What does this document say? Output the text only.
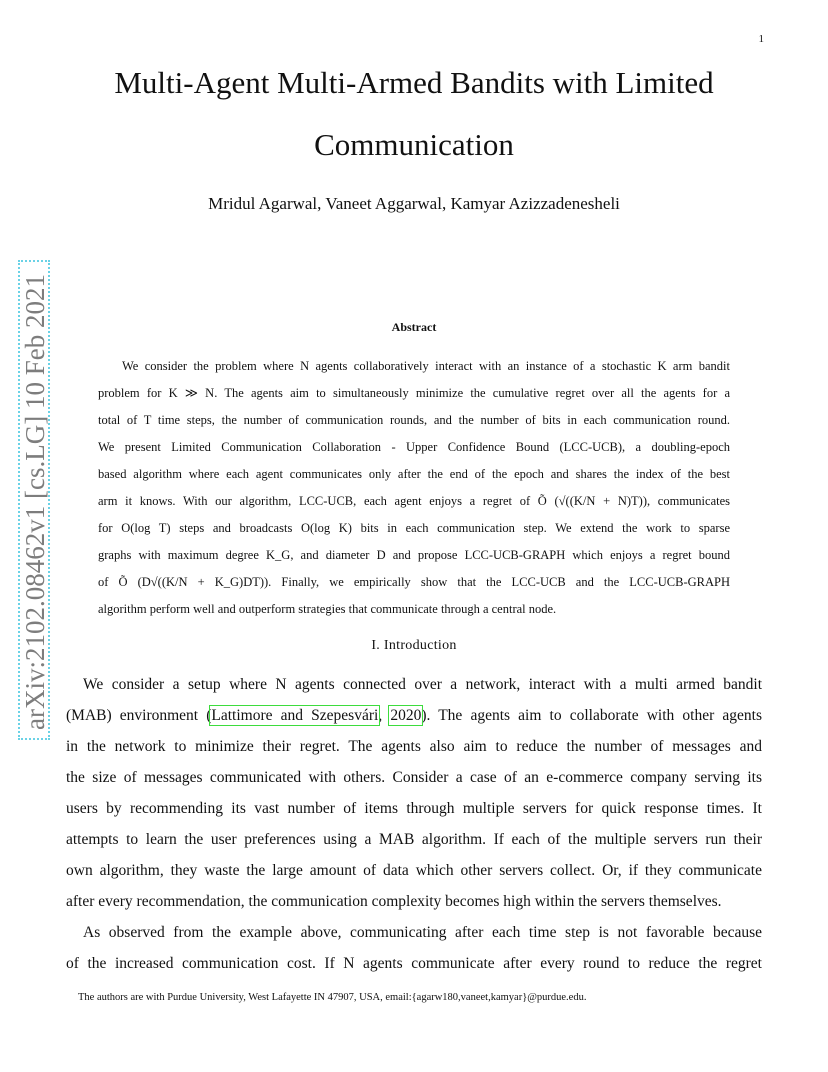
1
Multi-Agent Multi-Armed Bandits with Limited
Communication
Mridul Agarwal, Vaneet Aggarwal, Kamyar Azizzadenesheli
arXiv:2102.08462v1 [cs.LG] 10 Feb 2021	Abstract
We consider the problem where N agents collaboratively interact with an instance of a stochastic K arm bandit
problem for K ≫ N. The agents aim to simultaneously minimize the cumulative regret over all the agents for a
total of T time steps, the number of communication rounds, and the number of bits in each communication round.
We present Limited Communication Collaboration - Upper Confidence Bound (LCC-UCB), a doubling-epoch
based algorithm where each agent communicates only after the end of the epoch and shares the index of the best
arm it knows. With our algorithm, LCC-UCB, each agent enjoys a regret of Õ (√((K/N + N)T)), communicates
for O(log T) steps and broadcasts O(log K) bits in each communication step. We extend the work to sparse
graphs with maximum degree K_G, and diameter D and propose LCC-UCB-GRAPH which enjoys a regret bound
of Õ (D√((K/N + K_G)DT)). Finally, we empirically show that the LCC-UCB and the LCC-UCB-GRAPH
algorithm perform well and outperform strategies that communicate through a central node.
I. Introduction
We consider a setup where N agents connected over a network, interact with a multi armed bandit
(MAB) environment (Lattimore and Szepesvári, 2020). The agents aim to collaborate with other agents
in the network to minimize their regret. The agents also aim to reduce the number of messages and
the size of messages communicated with others. Consider a case of an e-commerce company serving its
users by recommending its vast number of items through multiple servers for quick response times. It
attempts to learn the user preferences using a MAB algorithm. If each of the multiple servers run their
own algorithm, they waste the large amount of data which other servers collect. Or, if they communicate
after every recommendation, the communication complexity becomes high within the servers themselves.
As observed from the example above, communicating after each time step is not favorable because
of the increased communication cost. If N agents communicate after every round to reduce the regret
The authors are with Purdue University, West Lafayette IN 47907, USA, email:{agarw180,vaneet,kamyar}@purdue.edu.
